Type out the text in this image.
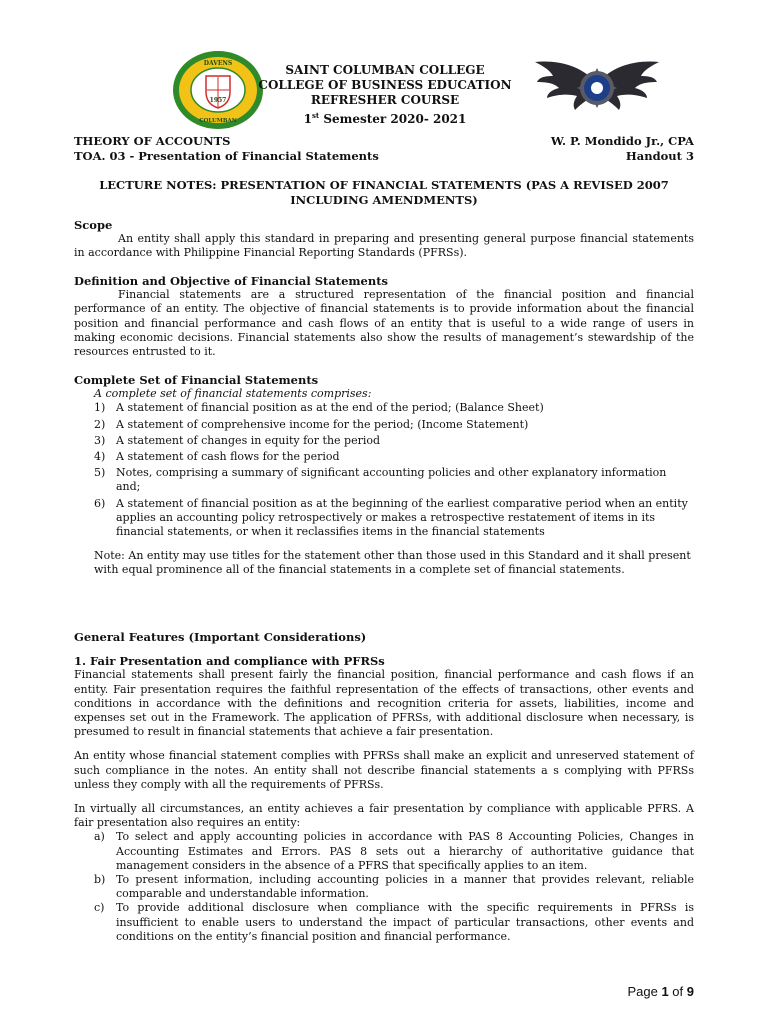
DAVENS
1957
COLUMBAN
SAINT COLUMBAN COLLEGE
COLLEGE OF BUSINESS EDUCATION
REFRESHER COURSE
1st Semester 2020- 2021
THEORY OF ACCOUNTS
TOA. 03 - Presentation of Financial Statements
W. P. Mondido Jr., CPA
Handout 3
LECTURE NOTES: PRESENTATION OF FINANCIAL STATEMENTS (PAS A REVISED 2007 INCLUDING AMENDMENTS)
Scope
An entity shall apply this standard in preparing and presenting general purpose financial statements in accordance with Philippine Financial Reporting Standards (PFRSs).
Definition and Objective of Financial Statements
Financial statements are a structured representation of the financial position and financial performance of an entity. The objective of financial statements is to provide information about the financial position and financial performance and cash flows of an entity that is useful to a wide range of users in making economic decisions. Financial statements also show the results of management’s stewardship of the resources entrusted to it.
Complete Set of Financial Statements
A complete set of financial statements comprises:
1) A statement of financial position as at the end of the period; (Balance Sheet)
2) A statement of comprehensive income for the period; (Income Statement)
3) A statement of changes in equity for the period
4) A statement of cash flows for the period
5) Notes, comprising a summary of significant accounting policies and other explanatory information and;
6) A statement of financial position as at the beginning of the earliest comparative period when an entity applies an accounting policy retrospectively or makes a retrospective restatement of items in its financial statements, or when it reclassifies items in the financial statements
Note: An entity may use titles for the statement other than those used in this Standard and it shall present with equal prominence all of the financial statements in a complete set of financial statements.
General Features (Important Considerations)
1. Fair Presentation and compliance with PFRSs
Financial statements shall present fairly the financial position, financial performance and cash flows if an entity. Fair presentation requires the faithful representation of the effects of transactions, other events and conditions in accordance with the definitions and recognition criteria for assets, liabilities, income and expenses set out in the Framework. The application of PFRSs, with additional disclosure when necessary, is presumed to result in financial statements that achieve a fair presentation.
An entity whose financial statement complies with PFRSs shall make an explicit and unreserved statement of such compliance in the notes. An entity shall not describe financial statements a s complying with PFRSs unless they comply with all the requirements of PFRSs.
In virtually all circumstances, an entity achieves a fair presentation by compliance with applicable PFRS. A fair presentation also requires an entity:
a) To select and apply accounting policies in accordance with PAS 8 Accounting Policies, Changes in Accounting Estimates and Errors. PAS 8 sets out a hierarchy of authoritative guidance that management considers in the absence of a PFRS that specifically applies to an item.
b) To present information, including accounting policies in a manner that provides relevant, reliable comparable and understandable information.
c) To provide additional disclosure when compliance with the specific requirements in PFRSs is insufficient to enable users to understand the impact of particular transactions, other events and conditions on the entity’s financial position and financial performance.
Page 1 of 9
